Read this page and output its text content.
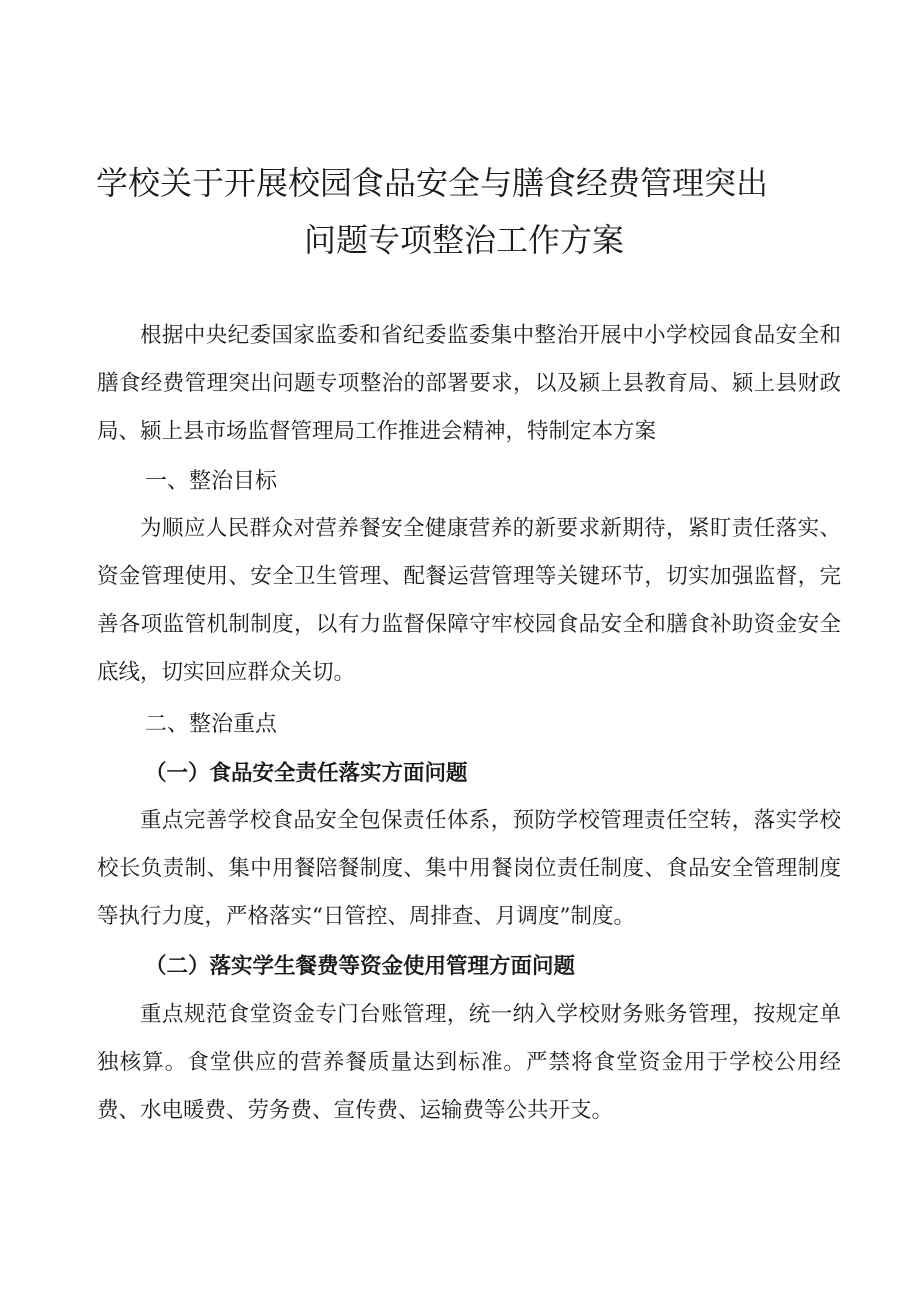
学校关于开展校园食品安全与膳食经费管理突出
问题专项整治工作方案

根据中央纪委国家监委和省纪委监委集中整治开展中小学校园食品安全和膳食经费管理突出问题专项整治的部署要求，以及颍上县教育局、颍上县财政局、颍上县市场监督管理局工作推进会精神，特制定本方案

一、整治目标

为顺应人民群众对营养餐安全健康营养的新要求新期待，紧盯责任落实、资金管理使用、安全卫生管理、配餐运营管理等关键环节，切实加强监督，完善各项监管机制制度，以有力监督保障守牢校园食品安全和膳食补助资金安全底线，切实回应群众关切。

二、整治重点
（一）食品安全责任落实方面问题

重点完善学校食品安全包保责任体系，预防学校管理责任空转，落实学校校长负责制、集中用餐陪餐制度、集中用餐岗位责任制度、食品安全管理制度等执行力度，严格落实“日管控、周排查、月调度”制度。

（二）落实学生餐费等资金使用管理方面问题

重点规范食堂资金专门台账管理，统一纳入学校财务账务管理，按规定单独核算。食堂供应的营养餐质量达到标准。严禁将食堂资金用于学校公用经费、水电暖费、劳务费、宣传费、运输费等公共开支。
